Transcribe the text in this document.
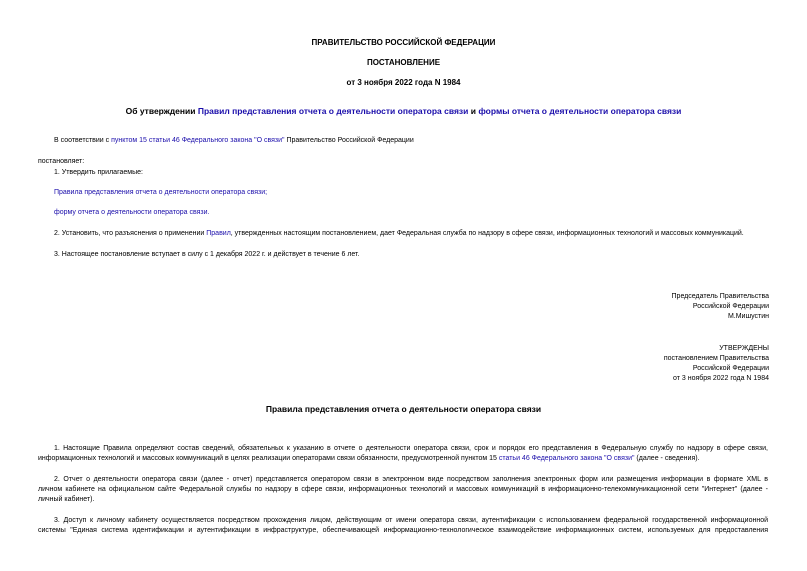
ПРАВИТЕЛЬСТВО РОССИЙСКОЙ ФЕДЕРАЦИИ
ПОСТАНОВЛЕНИЕ
от 3 ноября 2022 года N 1984
Об утверждении Правил представления отчета о деятельности оператора связи и формы отчета о деятельности оператора связи
В соответствии с пунктом 15 статьи 46 Федерального закона "О связи" Правительство Российской Федерации
постановляет:
1. Утвердить прилагаемые:
Правила представления отчета о деятельности оператора связи;
форму отчета о деятельности оператора связи.
2. Установить, что разъяснения о применении Правил, утвержденных настоящим постановлением, дает Федеральная служба по надзору в сфере связи, информационных технологий и массовых коммуникаций.
3. Настоящее постановление вступает в силу с 1 декабря 2022 г. и действует в течение 6 лет.
Председатель Правительства
Российской Федерации
М.Мишустин
УТВЕРЖДЕНЫ
постановлением Правительства
Российской Федерации
от 3 ноября 2022 года N 1984
Правила представления отчета о деятельности оператора связи
1. Настоящие Правила определяют состав сведений, обязательных к указанию в отчете о деятельности оператора связи, срок и порядок его представления в Федеральную службу по надзору в сфере связи,
информационных технологий и массовых коммуникаций в целях реализации операторами связи обязанности, предусмотренной пунктом 15 статьи 46 Федерального закона "О связи" (далее - сведения).
2. Отчет о деятельности оператора связи (далее - отчет) представляется оператором связи в электронном виде посредством заполнения электронных форм или размещения информации в формате XML в
личном кабинете на официальном сайте Федеральной службы по надзору в сфере связи, информационных технологий и массовых коммуникаций в информационно-телекоммуникационной сети "Интернет" (далее -
личный кабинет).
3. Доступ к личному кабинету осуществляется посредством прохождения лицом, действующим от имени оператора связи, аутентификации с использованием федеральной государственной информационной
системы "Единая система идентификации и аутентификации в инфраструктуре, обеспечивающей информационно-технологическое взаимодействие информационных систем, используемых для предоставления
